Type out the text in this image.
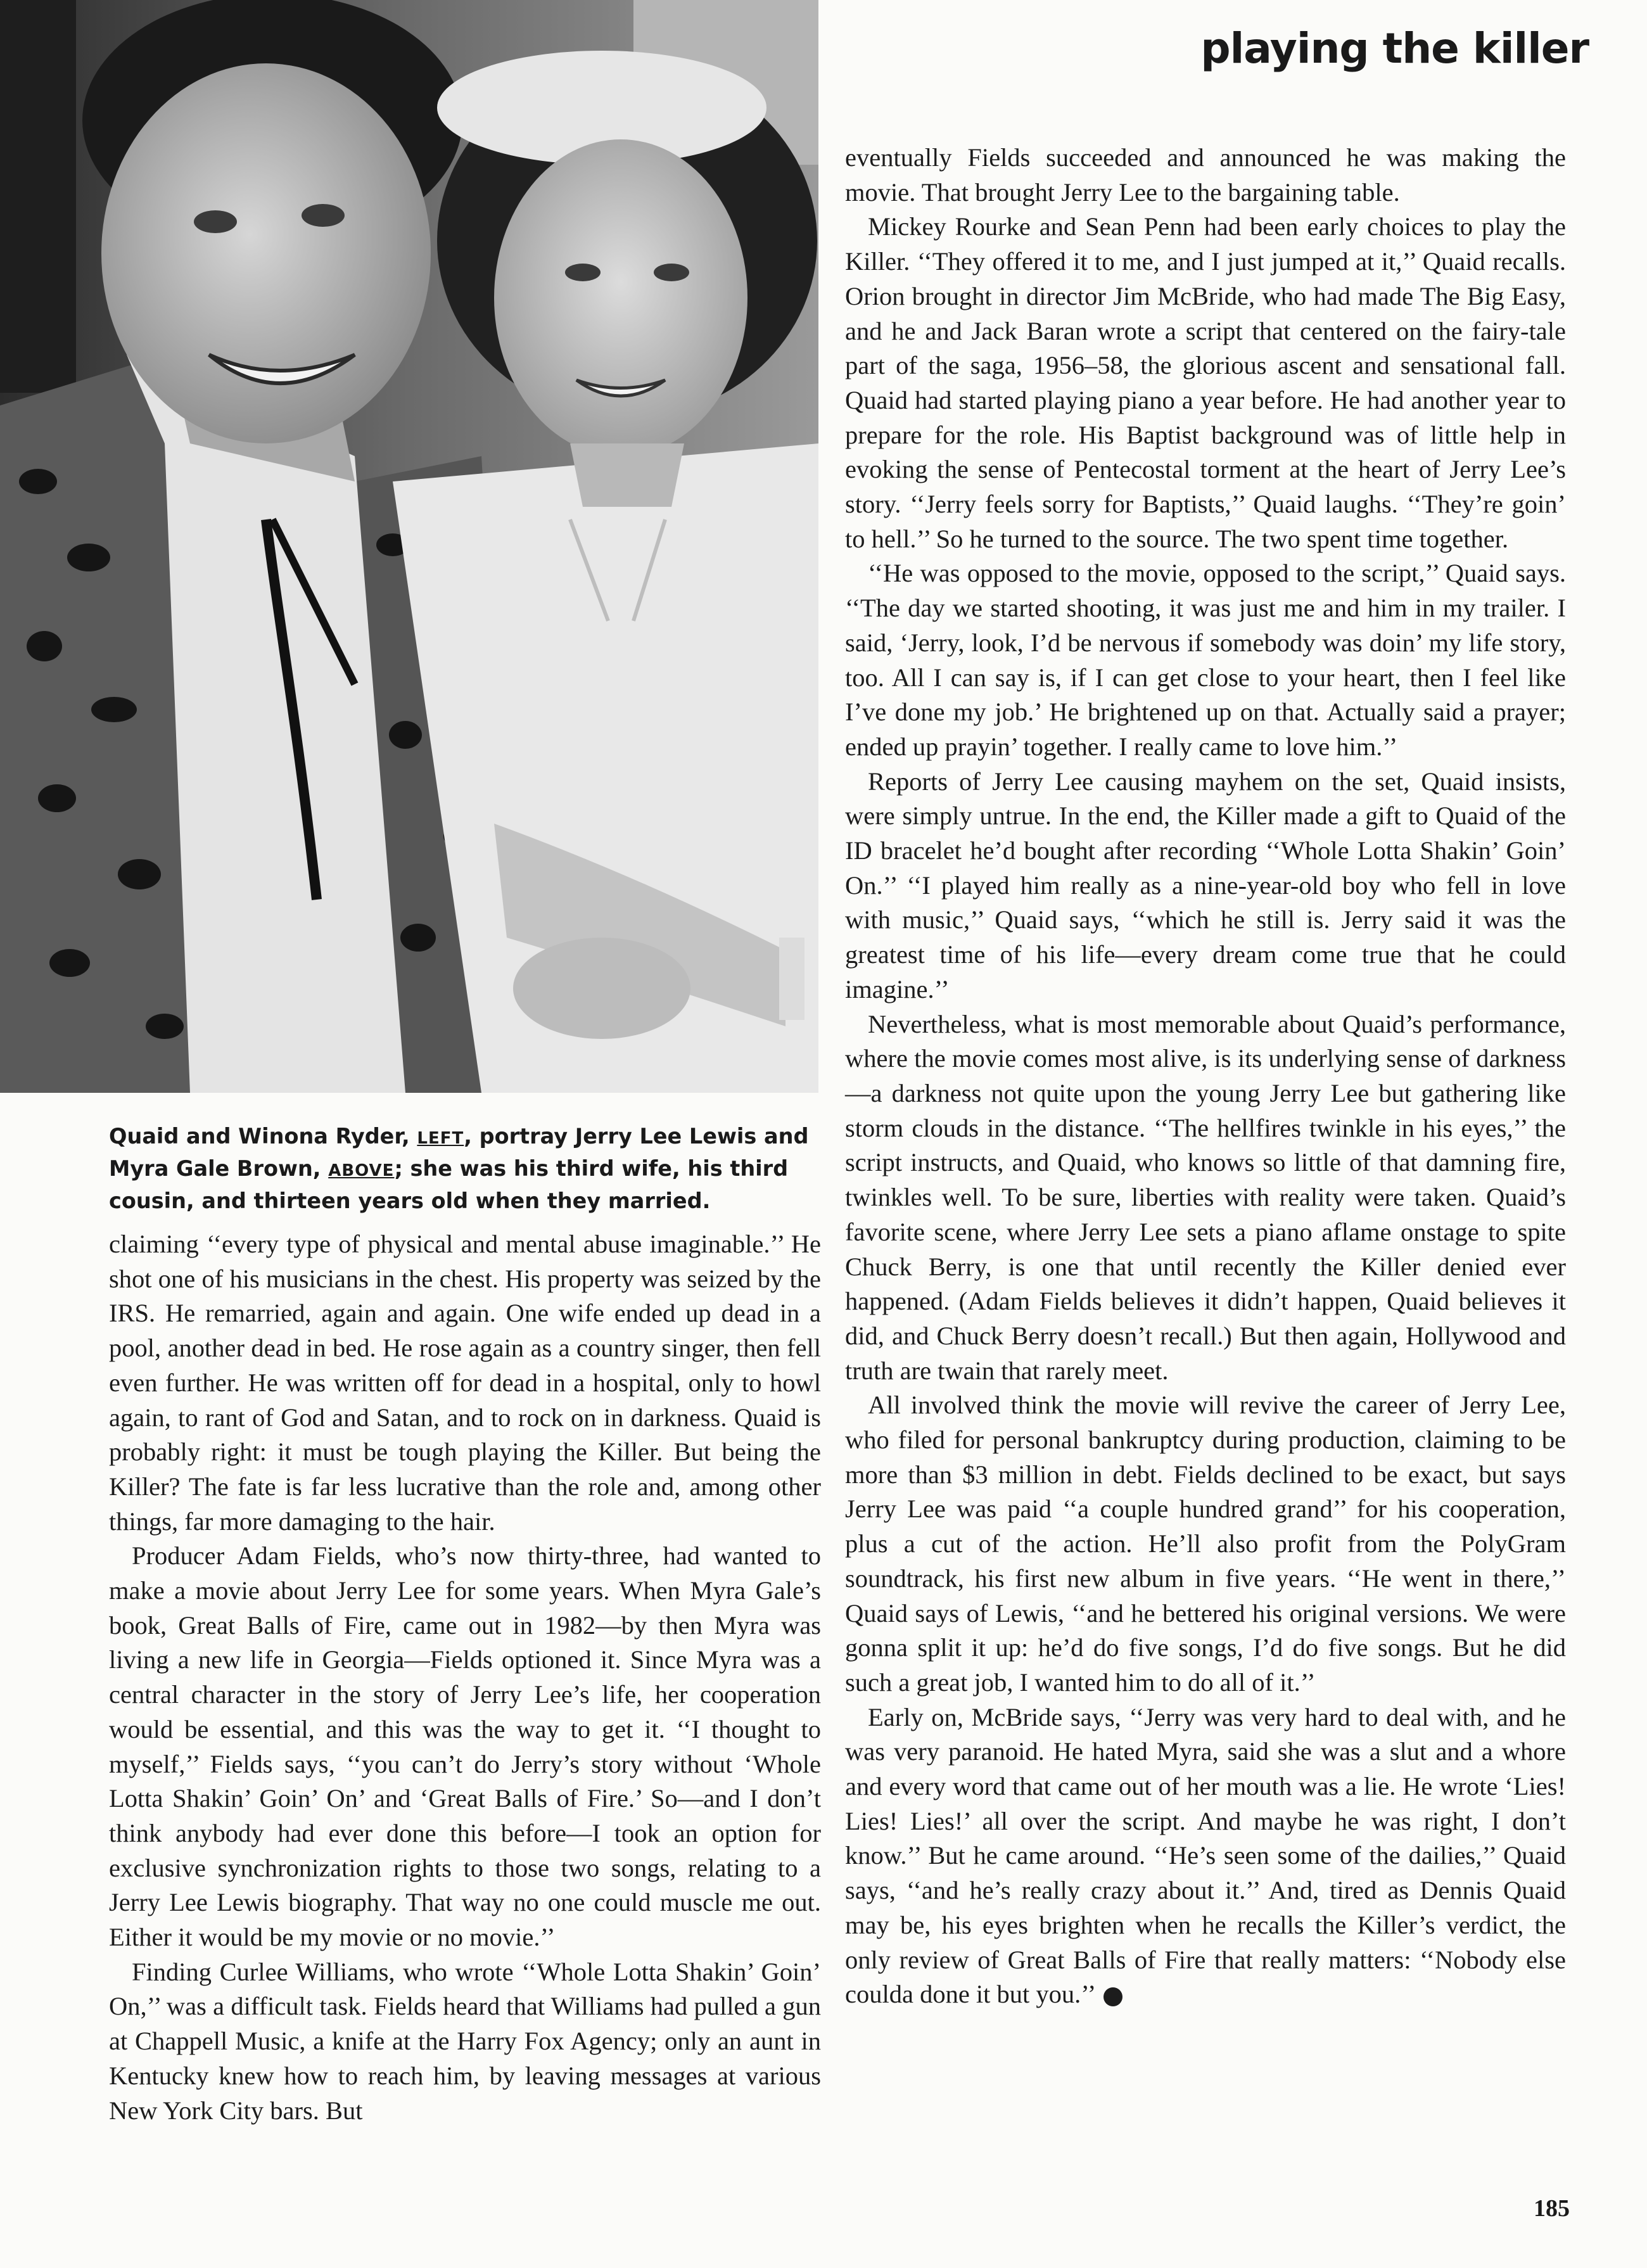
playing the killer
Quaid and Winona Ryder, LEFT, portray Jerry Lee Lewis and Myra Gale Brown, ABOVE; she was his third wife, his third cousin, and thirteen years old when they married.

claiming ‘‘every type of physical and mental abuse imaginable.’’ He shot one of his musicians in the chest. His property was seized by the IRS. He remarried, again and again. One wife ended up dead in a pool, another dead in bed. He rose again as a country singer, then fell even further. He was written off for dead in a hospital, only to howl again, to rant of God and Satan, and to rock on in darkness. Quaid is probably right: it must be tough playing the Killer. But being the Killer? The fate is far less lucrative than the role and, among other things, far more damaging to the hair.

Producer Adam Fields, who’s now thirty-three, had wanted to make a movie about Jerry Lee for some years. When Myra Gale’s book, Great Balls of Fire, came out in 1982—by then Myra was living a new life in Georgia—Fields optioned it. Since Myra was a central character in the story of Jerry Lee’s life, her cooperation would be essential, and this was the way to get it. ‘‘I thought to myself,’’ Fields says, ‘‘you can’t do Jerry’s story without ‘Whole Lotta Shakin’ Goin’ On’ and ‘Great Balls of Fire.’ So—and I don’t think anybody had ever done this before—I took an option for exclusive synchronization rights to those two songs, relating to a Jerry Lee Lewis biography. That way no one could muscle me out. Either it would be my movie or no movie.’’

Finding Curlee Williams, who wrote ‘‘Whole Lotta Shakin’ Goin’ On,’’ was a difficult task. Fields heard that Williams had pulled a gun at Chappell Music, a knife at the Harry Fox Agency; only an aunt in Kentucky knew how to reach him, by leaving messages at various New York City bars. But

eventually Fields succeeded and announced he was making the movie. That brought Jerry Lee to the bargaining table.

Mickey Rourke and Sean Penn had been early choices to play the Killer. ‘‘They offered it to me, and I just jumped at it,’’ Quaid recalls. Orion brought in director Jim McBride, who had made The Big Easy, and he and Jack Baran wrote a script that centered on the fairy-tale part of the saga, 1956–58, the glorious ascent and sensational fall. Quaid had started playing piano a year before. He had another year to prepare for the role. His Baptist background was of little help in evoking the sense of Pentecostal torment at the heart of Jerry Lee’s story. ‘‘Jerry feels sorry for Baptists,’’ Quaid laughs. ‘‘They’re goin’ to hell.’’ So he turned to the source. The two spent time together.

‘‘He was opposed to the movie, opposed to the script,’’ Quaid says. ‘‘The day we started shooting, it was just me and him in my trailer. I said, ‘Jerry, look, I’d be nervous if somebody was doin’ my life story, too. All I can say is, if I can get close to your heart, then I feel like I’ve done my job.’ He brightened up on that. Actually said a prayer; ended up prayin’ together. I really came to love him.’’

Reports of Jerry Lee causing mayhem on the set, Quaid insists, were simply untrue. In the end, the Killer made a gift to Quaid of the ID bracelet he’d bought after recording ‘‘Whole Lotta Shakin’ Goin’ On.’’ ‘‘I played him really as a nine-year-old boy who fell in love with music,’’ Quaid says, ‘‘which he still is. Jerry said it was the greatest time of his life—every dream come true that he could imagine.’’

Nevertheless, what is most memorable about Quaid’s performance, where the movie comes most alive, is its underlying sense of darkness—a darkness not quite upon the young Jerry Lee but gathering like storm clouds in the distance. ‘‘The hellfires twinkle in his eyes,’’ the script instructs, and Quaid, who knows so little of that damning fire, twinkles well. To be sure, liberties with reality were taken. Quaid’s favorite scene, where Jerry Lee sets a piano aflame onstage to spite Chuck Berry, is one that until recently the Killer denied ever happened. (Adam Fields believes it didn’t happen, Quaid believes it did, and Chuck Berry doesn’t recall.) But then again, Hollywood and truth are twain that rarely meet.

All involved think the movie will revive the career of Jerry Lee, who filed for personal bankruptcy during production, claiming to be more than $3 million in debt. Fields declined to be exact, but says Jerry Lee was paid ‘‘a couple hundred grand’’ for his cooperation, plus a cut of the action. He’ll also profit from the PolyGram soundtrack, his first new album in five years. ‘‘He went in there,’’ Quaid says of Lewis, ‘‘and he bettered his original versions. We were gonna split it up: he’d do five songs, I’d do five songs. But he did such a great job, I wanted him to do all of it.’’

Early on, McBride says, ‘‘Jerry was very hard to deal with, and he was very paranoid. He hated Myra, said she was a slut and a whore and every word that came out of her mouth was a lie. He wrote ‘Lies! Lies! Lies!’ all over the script. And maybe he was right, I don’t know.’’ But he came around. ‘‘He’s seen some of the dailies,’’ Quaid says, ‘‘and he’s really crazy about it.’’ And, tired as Dennis Quaid may be, his eyes brighten when he recalls the Killer’s verdict, the only review of Great Balls of Fire that really matters: ‘‘Nobody else coulda done it but you.’’ V

185
